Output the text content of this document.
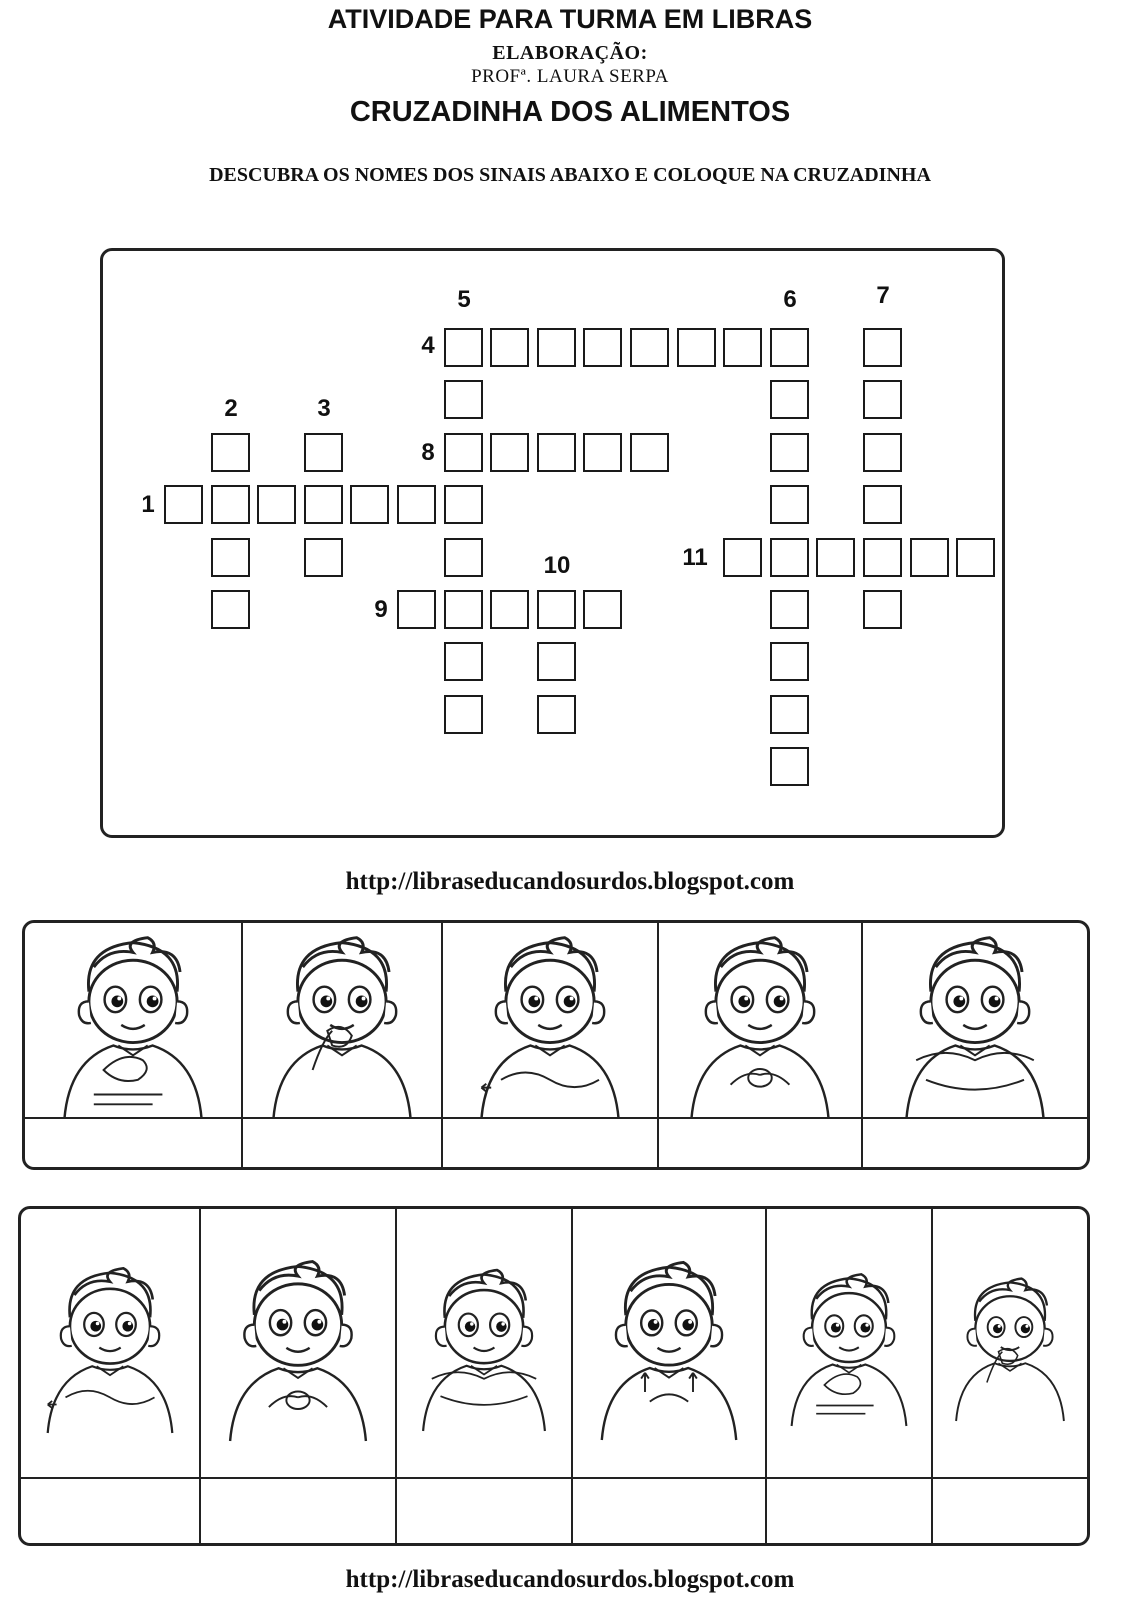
ATIVIDADE PARA TURMA EM LIBRAS
ELABORAÇÃO:
PROFª. LAURA SERPA
CRUZADINHA DOS ALIMENTOS
DESCUBRA OS NOMES DOS SINAIS ABAIXO E COLOQUE NA CRUZADINHA
1
2	3
4
5	6	7
8
9
10	11
http://libraseducandosurdos.blogspot.com
http://libraseducandosurdos.blogspot.com
